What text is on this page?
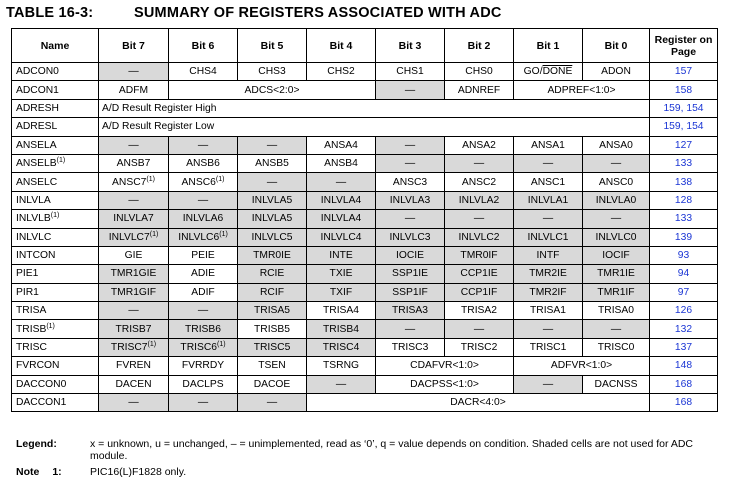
TABLE 16-3:	SUMMARY OF REGISTERS ASSOCIATED WITH ADC
Name	Bit 7	Bit 6	Bit 5	Bit 4	Bit 3	Bit 2	Bit 1	Bit 0	Register on Page
ADCON0	—	CHS4	CHS3	CHS2	CHS1	CHS0	GO/DONE	ADON	157
ADCON1	ADFM	ADCS<2:0>			—	ADNREF	ADPREF<1:0>		158
ADRESH	A/D Result Register High								159, 154
ADRESL	A/D Result Register Low								159, 154
ANSELA	—	—	—	ANSA4	—	ANSA2	ANSA1	ANSA0	127
ANSELB$^{(1)}$	ANSB7	ANSB6	ANSB5	ANSB4	—	—	—	—	133
ANSELC	ANSC7$^{(1)}$	ANSC6$^{(1)}$	—	—	ANSC3	ANSC2	ANSC1	ANSC0	138
INLVLA	—	—	INLVLA5	INLVLA4	INLVLA3	INLVLA2	INLVLA1	INLVLA0	128
INLVLB$^{(1)}$	INLVLA7	INLVLA6	INLVLA5	INLVLA4	—	—	—	—	133
INLVLC	INLVLC7$^{(1)}$	INLVLC6$^{(1)}$	INLVLC5	INLVLC4	INLVLC3	INLVLC2	INLVLC1	INLVLC0	139
INTCON	GIE	PEIE	TMR0IE	INTE	IOCIE	TMR0IF	INTF	IOCIF	93
PIE1	TMR1GIE	ADIE	RCIE	TXIE	SSP1IE	CCP1IE	TMR2IE	TMR1IE	94
PIR1	TMR1GIF	ADIF	RCIF	TXIF	SSP1IF	CCP1IF	TMR2IF	TMR1IF	97
TRISA	—	—	TRISA5	TRISA4	TRISA3	TRISA2	TRISA1	TRISA0	126
TRISB$^{(1)}$	TRISB7	TRISB6	TRISB5	TRISB4	—	—	—	—	132
TRISC	TRISC7$^{(1)}$	TRISC6$^{(1)}$	TRISC5	TRISC4	TRISC3	TRISC2	TRISC1	TRISC0	137
FVRCON	FVREN	FVRRDY	TSEN	TSRNG	CDAFVR<1:0>		ADFVR<1:0>		148
DACCON0	DACEN	DACLPS	DACOE	—	DACPSS<1:0>		—	DACNSS	168
DACCON1	—	—	—	DACR<4:0>					168
Legend:	x = unknown, u = unchanged, – = unimplemented, read as ‘0’, q = value depends on condition. Shaded cells are not used for ADC module.
Note 1:	PIC16(L)F1828 only.
